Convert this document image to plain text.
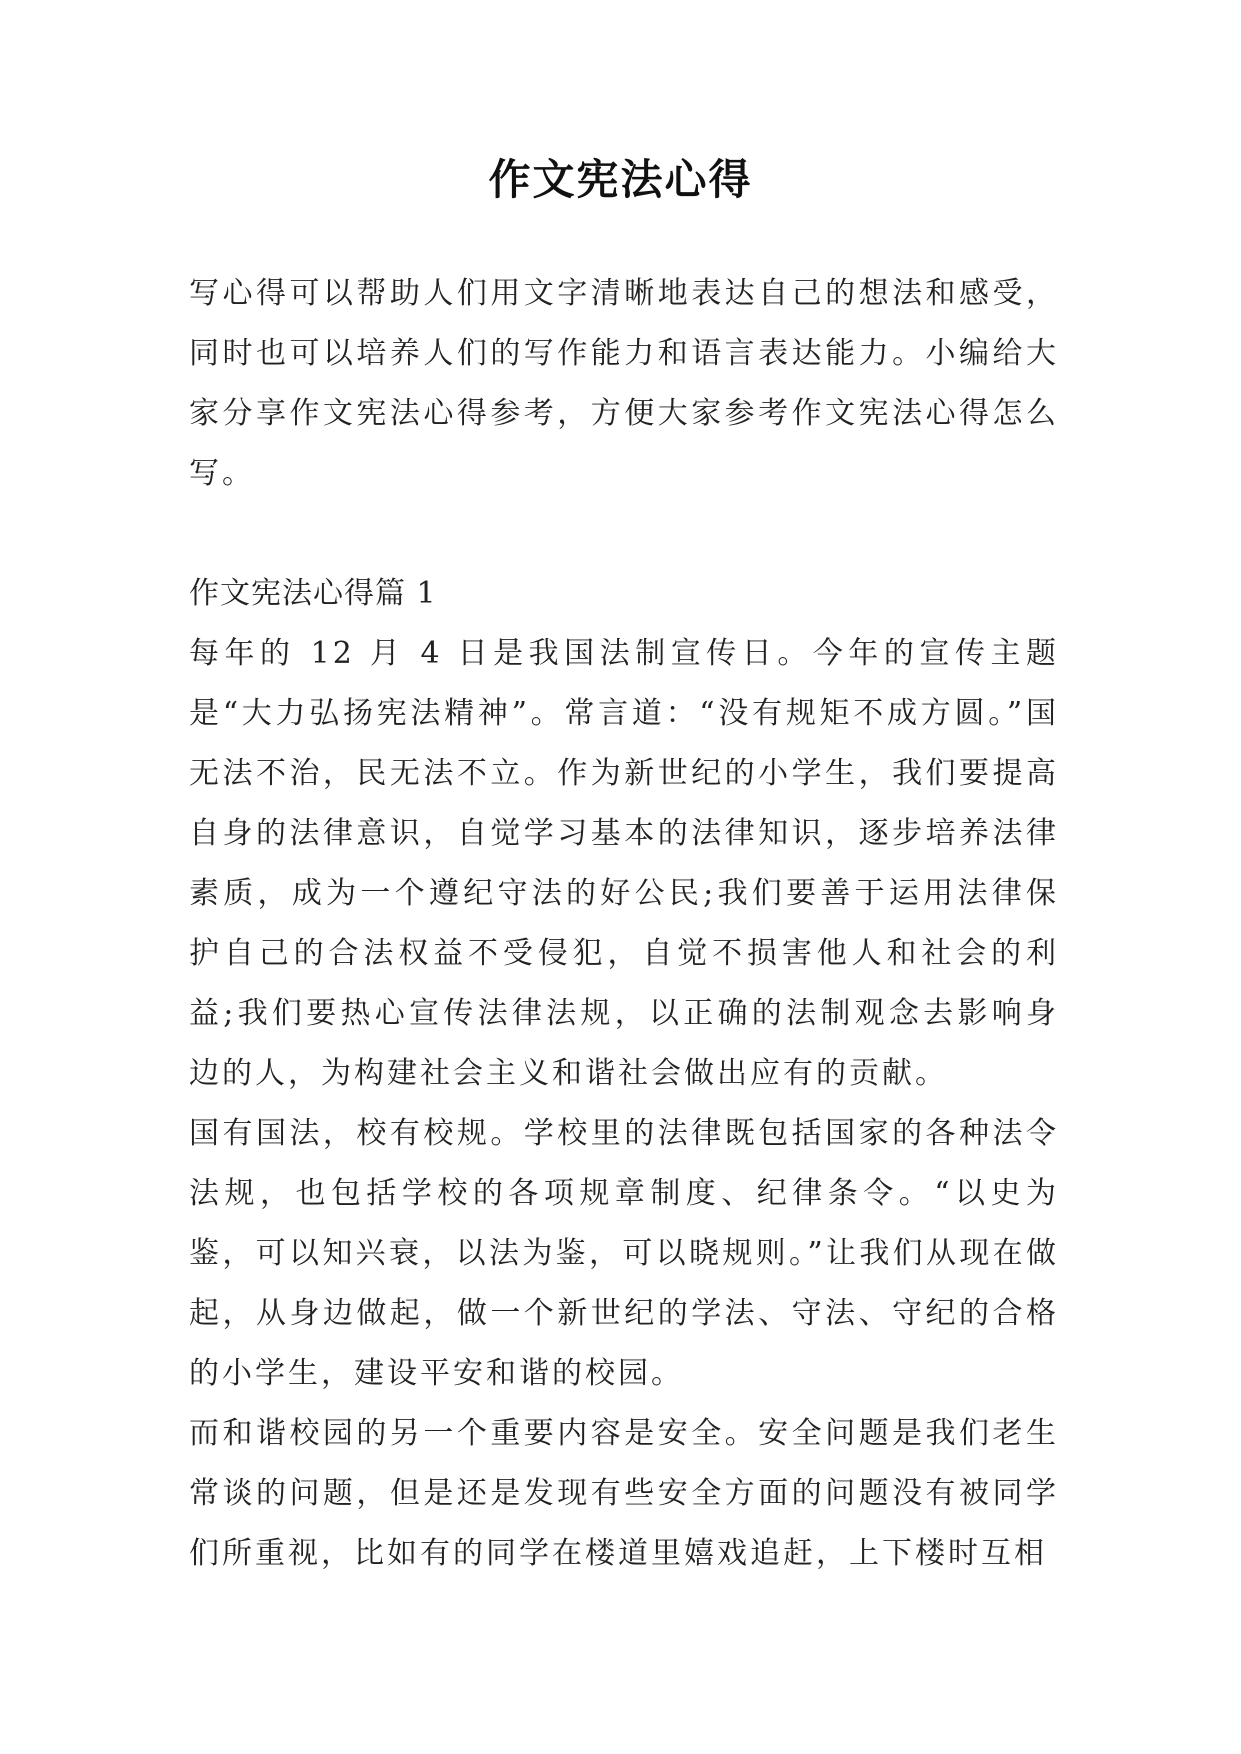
作文宪法心得

写心得可以帮助人们用文字清晰地表达自己的想法和感受，同时也可以培养人们的写作能力和语言表达能力。小编给大家分享作文宪法心得参考，方便大家参考作文宪法心得怎么写。

作文宪法心得篇 1

每年的 12 月 4 日是我国法制宣传日。今年的宣传主题是“大力弘扬宪法精神”。常言道：“没有规矩不成方圆。”国无法不治，民无法不立。作为新世纪的小学生，我们要提高自身的法律意识，自觉学习基本的法律知识，逐步培养法律素质，成为一个遵纪守法的好公民;我们要善于运用法律保护自己的合法权益不受侵犯，自觉不损害他人和社会的利益;我们要热心宣传法律法规，以正确的法制观念去影响身边的人，为构建社会主义和谐社会做出应有的贡献。

国有国法，校有校规。学校里的法律既包括国家的各种法令法规，也包括学校的各项规章制度、纪律条令。“以史为鉴，可以知兴衰，以法为鉴，可以晓规则。”让我们从现在做起，从身边做起，做一个新世纪的学法、守法、守纪的合格的小学生，建设平安和谐的校园。

而和谐校园的另一个重要内容是安全。安全问题是我们老生常谈的问题，但是还是发现有些安全方面的问题没有被同学们所重视，比如有的同学在楼道里嬉戏追赶，上下楼时互相
